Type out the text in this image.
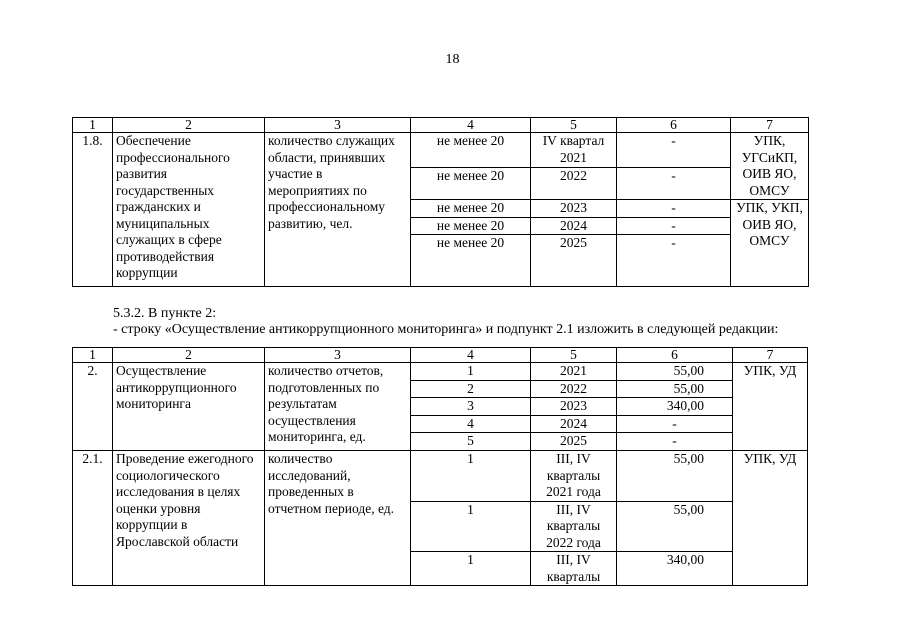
18
1	2	3	4	5	6	7
1.8.	Обеспечение профессионального развития государственных гражданских и муниципальных служащих в сфере противодействия коррупции	количество служащих области, принявших участие в мероприятиях по профессиональному развитию, чел.	не менее 20	IV квартал 2021	-	УПК, УГСиКП, ОИВ ЯО, ОМСУ
			не менее 20	2022	-	
			не менее 20	2023	-	УПК, УКП, ОИВ ЯО, ОМСУ
			не менее 20	2024	-	
			не менее 20	2025	-	
5.3.2. В пункте 2:
- строку «Осуществление антикоррупционного мониторинга» и подпункт 2.1 изложить в следующей редакции:
1	2	3	4	5	6	7
2.	Осуществление антикоррупционного мониторинга	количество отчетов, подготовленных по результатам осуществления мониторинга, ед.	1	2021	55,00	УПК, УД
			2	2022	55,00	
			3	2023	340,00	
			4	2024	-	
			5	2025	-	
2.1.	Проведение ежегодного социологического исследования в целях оценки уровня коррупции в Ярославской области	количество исследований, проведенных в отчетном периоде, ед.	1	III, IV кварталы 2021 года	55,00	УПК, УД
			1	III, IV кварталы 2022 года	55,00	
			1	III, IV кварталы	340,00	
